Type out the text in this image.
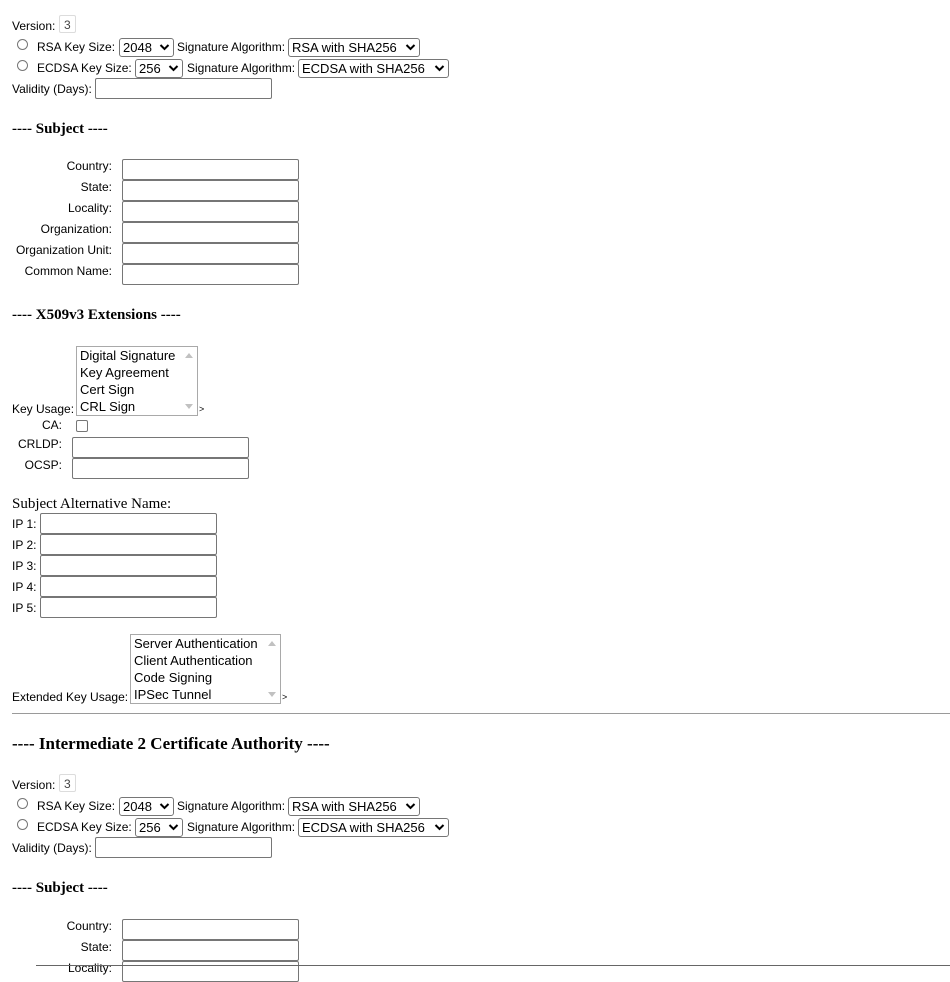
Version: 3
RSA Key Size: 2048	Signature Algorithm: RSA with SHA256
ECDSA Key Size: 256	Signature Algorithm: ECDSA with SHA256
Validity (Days):
---- Subject ----
Country:
State:
Locality:
Organization:
Organization Unit:
Common Name:
---- X509v3 Extensions ----
Key Usage:
Digital Signature
Key Agreement
Cert Sign
CRL Sign	>
CA:
CRLDP:
OCSP:
Subject Alternative Name:
IP 1:
IP 2:
IP 3:
IP 4:
IP 5:
Extended Key Usage:
Server Authentication
Client Authentication
Code Signing
IPSec Tunnel	>
---- Intermediate 2 Certificate Authority ----
Version: 3
RSA Key Size: 2048	Signature Algorithm: RSA with SHA256
ECDSA Key Size: 256	Signature Algorithm: ECDSA with SHA256
Validity (Days):
---- Subject ----
Country:
State:
Locality:
